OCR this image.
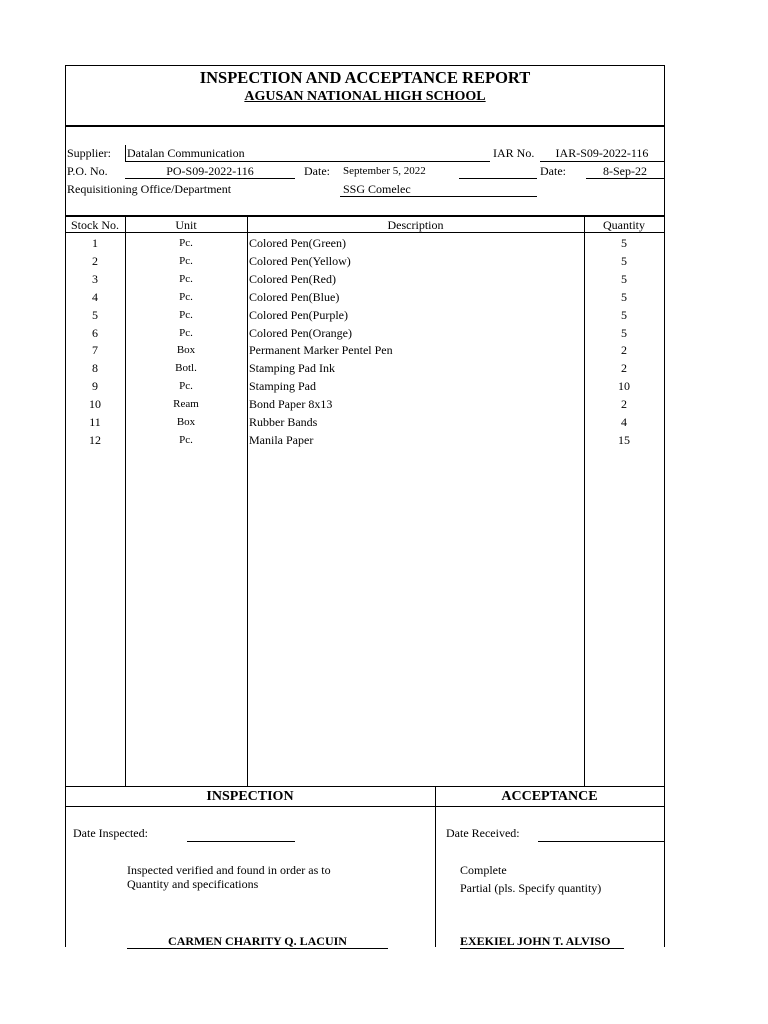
INSPECTION AND ACCEPTANCE REPORT
AGUSAN NATIONAL HIGH SCHOOL
Supplier: Datalan Communication	IAR No.	IAR-S09-2022-116
P.O. No.	PO-S09-2022-116	Date: September 5, 2022	Date:	8-Sep-22
Requisitioning Office/Department	SSG Comelec
Stock No.	Unit	Description	Quantity
1	Pc.	Colored Pen(Green)	5
2	Pc.	Colored Pen(Yellow)	5
3	Pc.	Colored Pen(Red)	5
4	Pc.	Colored Pen(Blue)	5
5	Pc.	Colored Pen(Purple)	5
6	Pc.	Colored Pen(Orange)	5
7	Box	Permanent Marker Pentel Pen	2
8	Botl.	Stamping Pad Ink	2
9	Pc.	Stamping Pad	10
10	Ream	Bond Paper 8x13	2
11	Box	Rubber Bands	4
12	Pc.	Manila Paper	15
INSPECTION	ACCEPTANCE
Date Inspected:	Date Received:
Inspected verified and found in order as to
Quantity and specifications
Complete
Partial (pls. Specify quantity)
CARMEN CHARITY Q. LACUIN	EXEKIEL JOHN T. ALVISO
